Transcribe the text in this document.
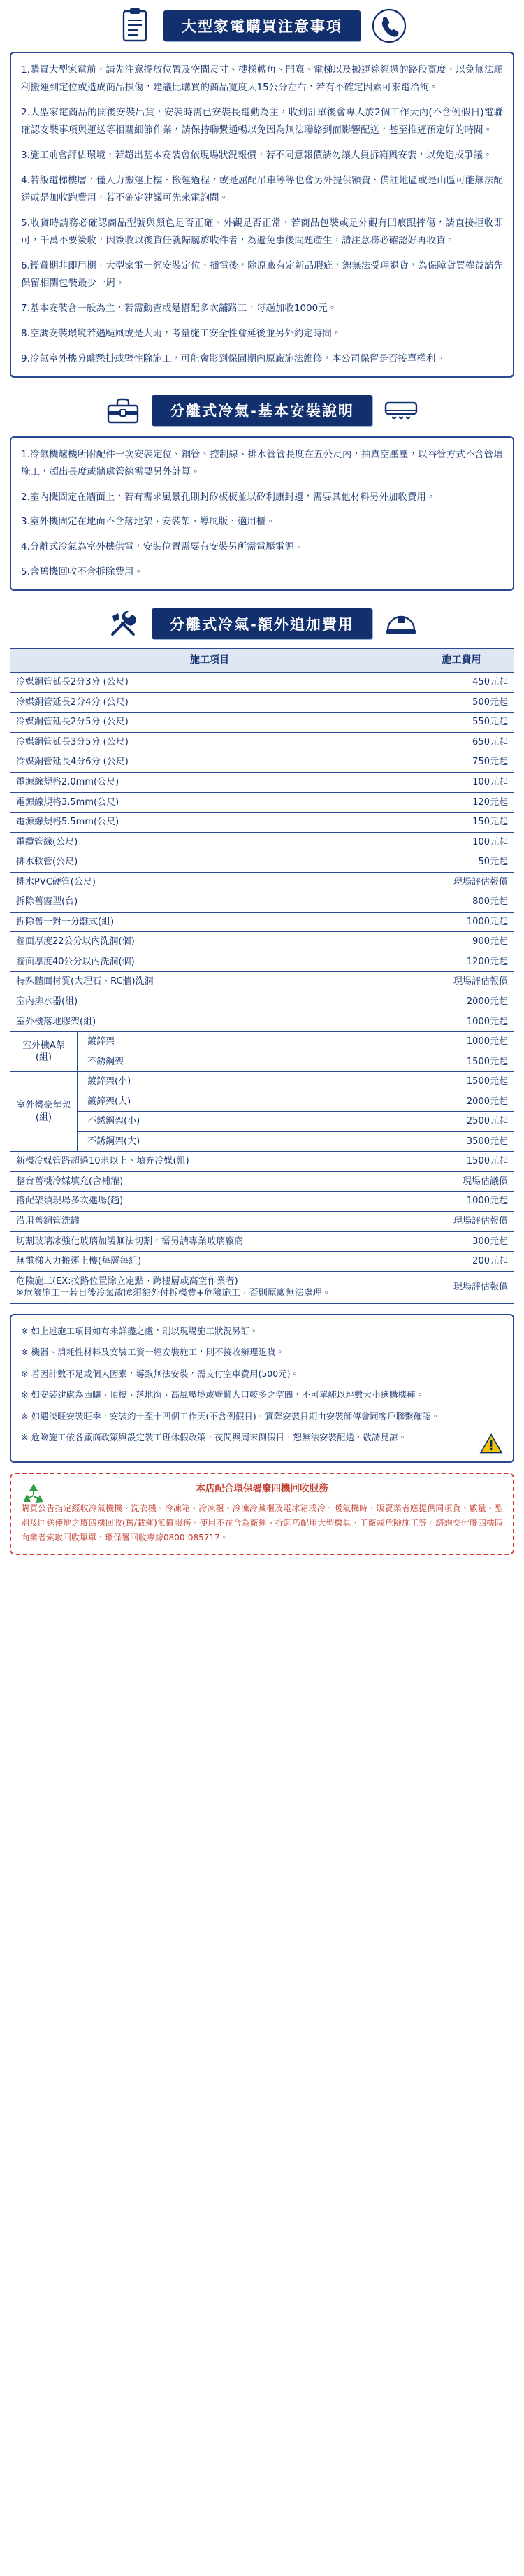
大型家電購買注意事項

1.購買大型家電前，請先注意擺放位置及空間尺寸、樓梯轉角、門寬、電梯以及搬運途經過的路段寬度，以免無法順利搬運到定位或造成商品損傷，建議比購買的商品寬度大15公分左右，若有不確定因素可來電洽詢。

2.大型家電商品的開後安裝出貨，安裝時需已安裝長電動為主，收到訂單後會專人於2個工作天內(不含例假日)電聯確認安裝事項與運送等相關細節作業，請保持聯繫通暢以免因為無法聯絡到而影響配送，甚至推遲預定好的時間。

3.施工前會評估環境，若超出基本安裝會依現場狀況報價，若不同意報價請勿讓人員拆箱與安裝，以免造成爭議。

4.若飯電梯樓層，僅人力搬運上樓、搬運過程，或是屈配吊車等等也會另外提供額費、備註地區或是山區可能無法配送或是加收跑費用，若不確定建議可先來電詢問。

5.收貨時請務必確認商品型號與顏色是否正確、外觀是否正常，若商品包裝或是外觀有凹痕跟摔傷，請直接拒收即可，千萬不要簽收，因簽收以後貨任就歸屬於收件者，為避免事後問題產生，請注意務必確認好再收貨。

6.鑑賞期非即用期，大型家電一經安裝定位、插電後，除原廠有定新品瑕疵，恕無法受理退貨，為保障貨買權益請先保留相關包裝最少一周。

7.基本安裝含一般為主，若需動查或是搭配多次舖路工，每趟加收1000元。

8.空調安裝環境若遇颳風或是大雨，考量施工安全性會延後並另外約定時間。

9.冷氣室外機分離懸掛或壁性除施工，可能會影到保固期內原廠施法維修，本公司保留是否接單權利。

分離式冷氣-基本安裝說明

1.冷氣機爐機所附配件一次安裝定位、銅管、控制線、排水管管長度在五公尺內，抽真空壓壓，以谷管方式不含管壇施工，超出長度或牆處管線需要另外計算。

2.室內機固定在牆面上，若有需求風景孔則封矽板板並以矽利康封邊，需要其他材料另外加收費用。

3.室外機固定在地面不含落地架、安裝架、導風版、適用櫃。

4.分離式冷氣為室外機供電，安裝位置需要有安裝另所需電壓電源。

5.含舊機回收不含拆除費用。

分離式冷氣-額外追加費用
施工項目		施工費用
冷媒銅管延長2分3分 (公尺)		450元起
冷媒銅管延長2分4分 (公尺)		500元起
冷媒銅管延長2分5分 (公尺)		550元起
冷媒銅管延長3分5分 (公尺)		650元起
冷媒銅管延長4分6分 (公尺)		750元起
電源線規格2.0mm(公尺)		100元起
電源線規格3.5mm(公尺)		120元起
電源線規格5.5mm(公尺)		150元起
電纜管線(公尺)		100元起
排水軟管(公尺)		50元起
排水PVC硬管(公尺)		現場評估報價
拆除舊窗型(台)		800元起
拆除舊一對一分離式(組)		1000元起
牆面厚度22公分以內洗洞(個)		900元起
牆面厚度40公分以內洗洞(個)		1200元起
特殊牆面材質(大理石、RC牆)洗洞		現場評估報價
室內排水器(組)		2000元起
室外機落地膠架(組)		1000元起
室外機A架(組)	鍍鋅架	1000元起
	不銹鋼架	1500元起
室外機豪華架(組)	鍍鋅架(小)	1500元起
	鍍鋅架(大)	2000元起
	不銹鋼架(小)	2500元起
	不銹鋼架(大)	3500元起
新機冷媒管路超過10米以上、填充冷媒(組)		1500元起
整台舊機冷媒填充(含補灌)		現場估議價
搭配架須現場多次進場(趟)		1000元起
沿用舊銅管洗罐		現場評估報價
切割玻璃冰強化玻璃加製無法切割，需另請專業玻璃廠商		300元起
無電梯人力搬運上樓(每層每組)		200元起
危險施工(EX:按路位置除立定點、跨樓層或高空作業者)
※危險施工一若日後冷氣故障須額外付拆機費+危險施工，否則原廠無法處理。		現場評估報價

※ 如上述施工項目如有未詳盡之處，則以現場施工狀況另訂。

※ 機器、消耗性材料及安裝工資一經安裝施工，則不接收辦理退貨。

※ 若因計數不足或個人因素，導致無法安裝，需支付空車費用(500元)。

※ 如安裝建處為西曬、頂樓、落地窗、高風壓境或壁難人口較多之空間，不可單純以坪數大小選購機種。

※ 如遇淡旺安裝旺季，安裝約十至十四個工作天(不含例假日)，實際安裝日期由安裝師傅會同客戶聯繫確認。

※ 危險施工依各廠商政策與設定裝工班休假政策，夜間與周末例假日，恕無法安裝配送，敬請見諒。

本店配合環保署廢四機回收服務

購買公告指定經收冷氣機機、洗衣機、冷凍箱、冷凍櫃、冷凍冷藏櫃及電冰箱或冷、暖氣機時，販賣業者應提供同項貨、數量、型別及同送使地之廢四機回收(舊/載運)無償服務，使用不在含為廠運、拆卸巧配用大型機具、工廠或危險施工等。諮詢交付廢四機時向業者索取回收單單，環保署回收專線0800-085717。
